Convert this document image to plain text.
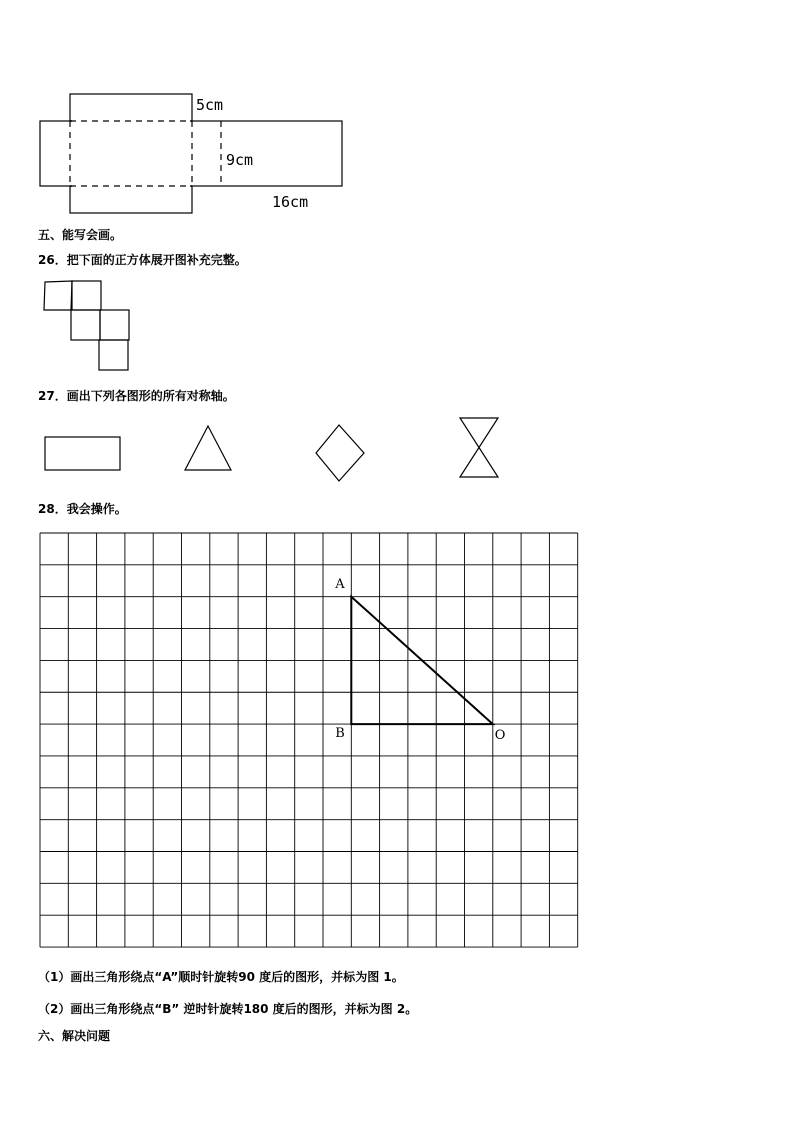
5cm
9cm
16cm
五、能写会画。
26．把下面的正方体展开图补充完整。
27．画出下列各图形的所有对称轴。
28．我会操作。
A
B	O
（1）画出三角形绕点“A”顺时针旋转90 度后的图形，并标为图 1。
（2）画出三角形绕点“B” 逆时针旋转180 度后的图形，并标为图 2。
六、解决问题
